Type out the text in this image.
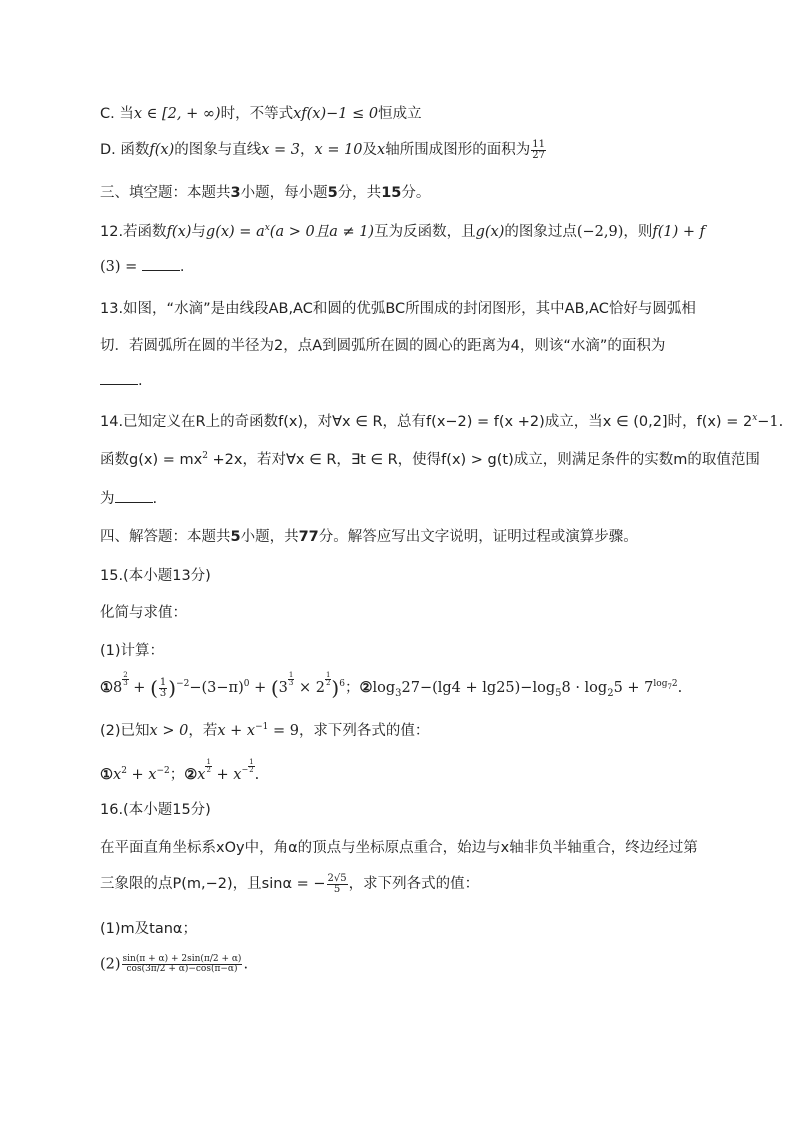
C. 当x ∈ [2, + ∞)时，不等式xf(x)−1 ≤ 0恒成立
D. 函数f(x)的图象与直线x = 3，x = 10及x轴所围成图形的面积为 $\frac{11}{27}$
三、填空题：本题共3小题，每小题5分，共15分。
12.若函数f(x)与$g(x) = a^x(a > 0$且a ≠ 1)互为反函数，且g(x)的图象过点(−2,9)，则f(1) + f
(3) =	.
13.如图，“水滴”是由线段AB,AC和圆的优弧BC所围成的封闭图形，其中AB,AC恰好与圆弧相
切．若圆弧所在圆的半径为2，点A到圆弧所在圆的圆心的距离为4，则该“水滴”的面积为
.
14.已知定义在R上的奇函数f(x)，对∀x ∈ R，总有f(x−2) = f(x +2)成立，当x ∈ (0,2]时，$f(x) = 2^x-1$.
函数$g(x) = mx^2 +2x$，若对∀x ∈ R，∃t ∈ R，使得f(x) > g(t)成立，则满足条件的实数m的取值范围
为	.
四、解答题：本题共5小题，共77分。解答应写出文字说明，证明过程或演算步骤。
15.(本小题13分)
化简与求值：
(1)计算：
①8
$\frac{2}{3}$
+ ( $\frac{1}{3} )^{-2}-(3-\pi)^0 + (3$
$\frac{1}{3}$
× 2
$\frac{1}{2} )^6$；$②\log_327-(\lg 4 + \lg 25)-\log_58 \cdot \log_25 + 7^{log_72}$.
(2)已知x > 0，若$x + x^{-1} = 9$，求下列各式的值：
$①x^2 + x^{-2}$；②x
$\frac{1}{2}$
+ $x^- \frac{1}{2}$
.
16.(本小题15分)
在平面直角坐标系xOy中，角α的顶点与坐标原点重合，始边与x轴非负半轴重合，终边经过第
三象限的点P(m,−2)，且sinα = − $\frac{2√5}{5}$ ，求下列各式的值：
(1)m及tanα；
$(2) \frac{\sin(\pi + \alpha) + 2\sin(\pi/2 + \alpha)}{\cos(3\pi/2 + \alpha)-\cos(\pi-\alpha)}$ .
